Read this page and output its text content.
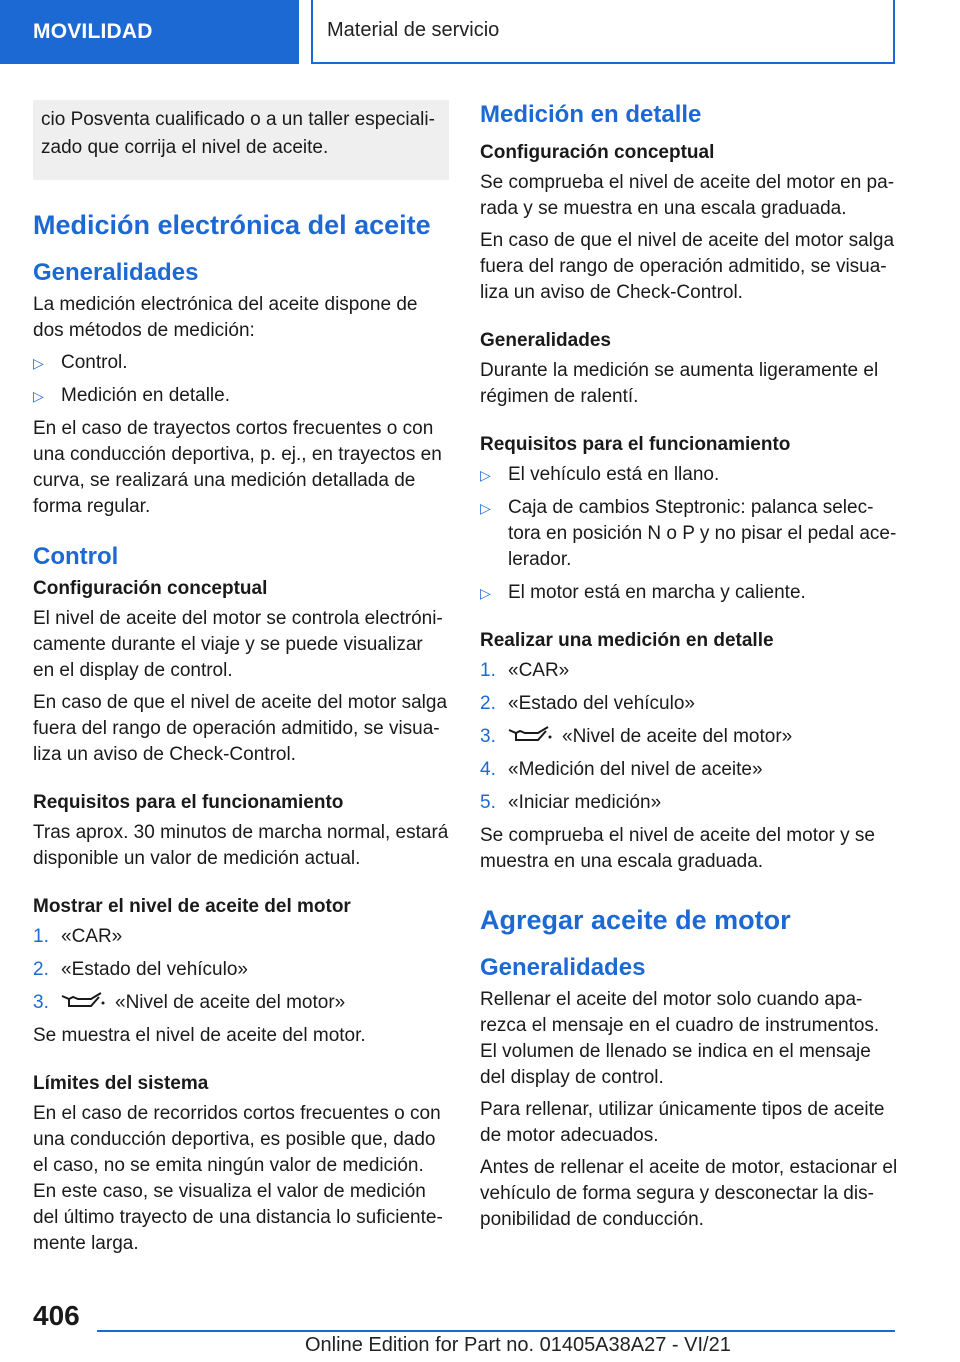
MOVILIDAD	Material de servicio
cio Posventa cualificado o a un taller especiali-zado que corrija el nivel de aceite.
Medición electrónica del aceite
Generalidades

La medición electrónica del aceite dispone de dos métodos de medición:

▷ Control.
▷ Medición en detalle.

En el caso de trayectos cortos frecuentes o con una conducción deportiva, p. ej., en trayectos en curva, se realizará una medición detallada de forma regular.

Control
Configuración conceptual

El nivel de aceite del motor se controla electróni-camente durante el viaje y se puede visualizar en el display de control.

En caso de que el nivel de aceite del motor salga fuera del rango de operación admitido, se visua-liza un aviso de Check-Control.

Requisitos para el funcionamiento

Tras aprox. 30 minutos de marcha normal, estará disponible un valor de medición actual.

Mostrar el nivel de aceite del motor
1. «CAR»
2. «Estado del vehículo»
3.	«Nivel de aceite del motor»

Se muestra el nivel de aceite del motor.

Límites del sistema

En el caso de recorridos cortos frecuentes o con una conducción deportiva, es posible que, dado el caso, no se emita ningún valor de medición. En este caso, se visualiza el valor de medición del último trayecto de una distancia lo suficiente-mente larga.

Medición en detalle
Configuración conceptual

Se comprueba el nivel de aceite del motor en pa-rada y se muestra en una escala graduada.

En caso de que el nivel de aceite del motor salga fuera del rango de operación admitido, se visua-liza un aviso de Check-Control.

Generalidades

Durante la medición se aumenta ligeramente el régimen de ralentí.

Requisitos para el funcionamiento
▷ El vehículo está en llano.
▷ Caja de cambios Steptronic: palanca selec-tora en posición N o P y no pisar el pedal ace-lerador.
▷ El motor está en marcha y caliente.
Realizar una medición en detalle
1. «CAR»
2. «Estado del vehículo»
3.	«Nivel de aceite del motor»
4. «Medición del nivel de aceite»
5. «Iniciar medición»

Se comprueba el nivel de aceite del motor y se muestra en una escala graduada.

Agregar aceite de motor
Generalidades

Rellenar el aceite del motor solo cuando apa-rezca el mensaje en el cuadro de instrumentos. El volumen de llenado se indica en el mensaje del display de control.

Para rellenar, utilizar únicamente tipos de aceite de motor adecuados.

Antes de rellenar el aceite de motor, estacionar el vehículo de forma segura y desconectar la dis-ponibilidad de conducción.

406
Online Edition for Part no. 01405A38A27 - VI/21
